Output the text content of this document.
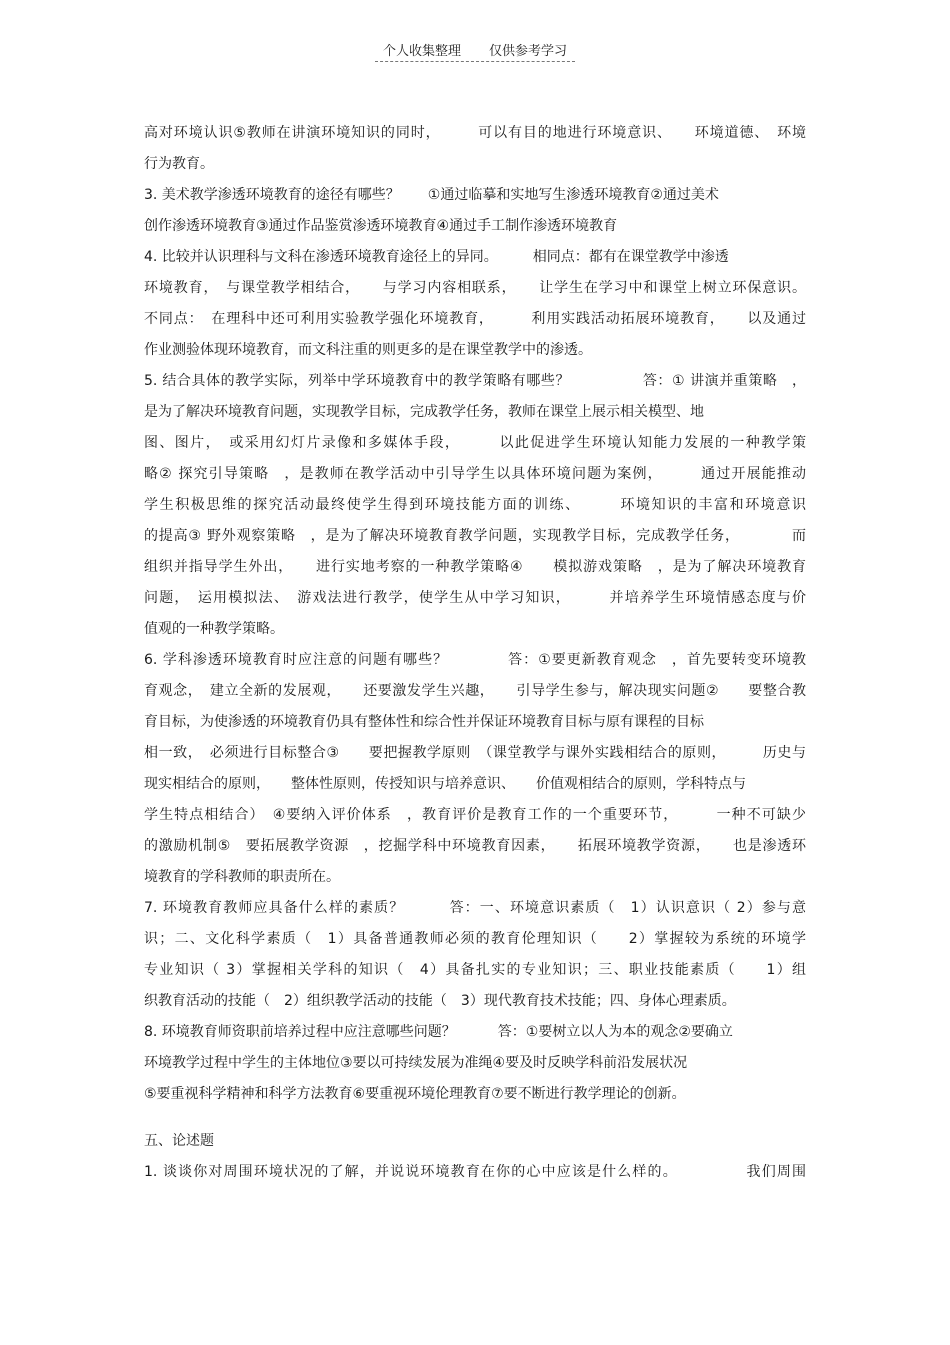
个人收集整理 仅供参考学习
高对环境认识⑤教师在讲演环境知识的同时，　　　可以有目的地进行环境意识、　　环境道德、　环境
行为教育。
3. 美术教学渗透环境教育的途径有哪些？　　①通过临摹和实地写生渗透环境教育②通过美术
创作渗透环境教育③通过作品鉴赏渗透环境教育④通过手工制作渗透环境教育
4. 比较并认识理科与文科在渗透环境教育途径上的异同。　　　相同点：都有在课堂教学中渗透
环境教育，　与课堂教学相结合，　　与学习内容相联系，　　让学生在学习中和课堂上树立环保意识。
不同点：　在理科中还可利用实验教学强化环境教育，　　　利用实践活动拓展环境教育，　　以及通过
作业测验体现环境教育，而文科注重的则更多的是在课堂教学中的渗透。
5. 结合具体的教学实际，列举中学环境教育中的教学策略有哪些？　　　　　答：① 讲演并重策略　，
是为了解决环境教育问题，实现教学目标，完成教学任务，教师在课堂上展示相关模型、地
图、图片，　或采用幻灯片录像和多媒体手段，　　　以此促进学生环境认知能力发展的一种教学策
略② 探究引导策略　，是教师在教学活动中引导学生以具体环境问题为案例，　　　通过开展能推动
学生积极思维的探究活动最终使学生得到环境技能方面的训练、　　　环境知识的丰富和环境意识
的提高③ 野外观察策略　，是为了解决环境教育教学问题，实现教学目标，完成教学任务，　　　　而
组织并指导学生外出，　　进行实地考察的一种教学策略④　　模拟游戏策略　，是为了解决环境教育
问题，　运用模拟法、　游戏法进行教学，使学生从中学习知识，　　　并培养学生环境情感态度与价
值观的一种教学策略。
6. 学科渗透环境教育时应注意的问题有哪些？　　　　答：①要更新教育观念　，首先要转变环境教
育观念，　建立全新的发展观，　　还要激发学生兴趣，　　引导学生参与，解决现实问题②　　要整合教
育目标，为使渗透的环境教育仍具有整体性和综合性并保证环境教育目标与原有课程的目标
相一致，　必须进行目标整合③　　要把握教学原则　（课堂教学与课外实践相结合的原则，　　　历史与
现实相结合的原则，　　整体性原则，传授知识与培养意识、　　价值观相结合的原则，学科特点与
学生特点相结合）　④要纳入评价体系　，教育评价是教育工作的一个重要环节，　　　一种不可缺少
的激励机制⑤　要拓展教学资源　，挖掘学科中环境教育因素，　　拓展环境教学资源，　　也是渗透环
境教育的学科教师的职责所在。
7. 环境教育教师应具备什么样的素质？　　　答：一、环境意识素质（　1）认识意识（ 2）参与意
识；二、文化科学素质（　1）具备普通教师必须的教育伦理知识（　　2）掌握较为系统的环境学
专业知识（ 3）掌握相关学科的知识（　4）具备扎实的专业知识；三、职业技能素质（　　1）组
织教育活动的技能（　2）组织教学活动的技能（　3）现代教育技术技能；四、身体心理素质。
8. 环境教育师资职前培养过程中应注意哪些问题？　　　答：①要树立以人为本的观念②要确立
环境教学过程中学生的主体地位③要以可持续发展为准绳④要及时反映学科前沿发展状况
⑤要重视科学精神和科学方法教育⑥要重视环境伦理教育⑦要不断进行教学理论的创新。
五、论述题
1. 谈谈你对周围环境状况的了解，并说说环境教育在你的心中应该是什么样的。　　　　　我们周围
